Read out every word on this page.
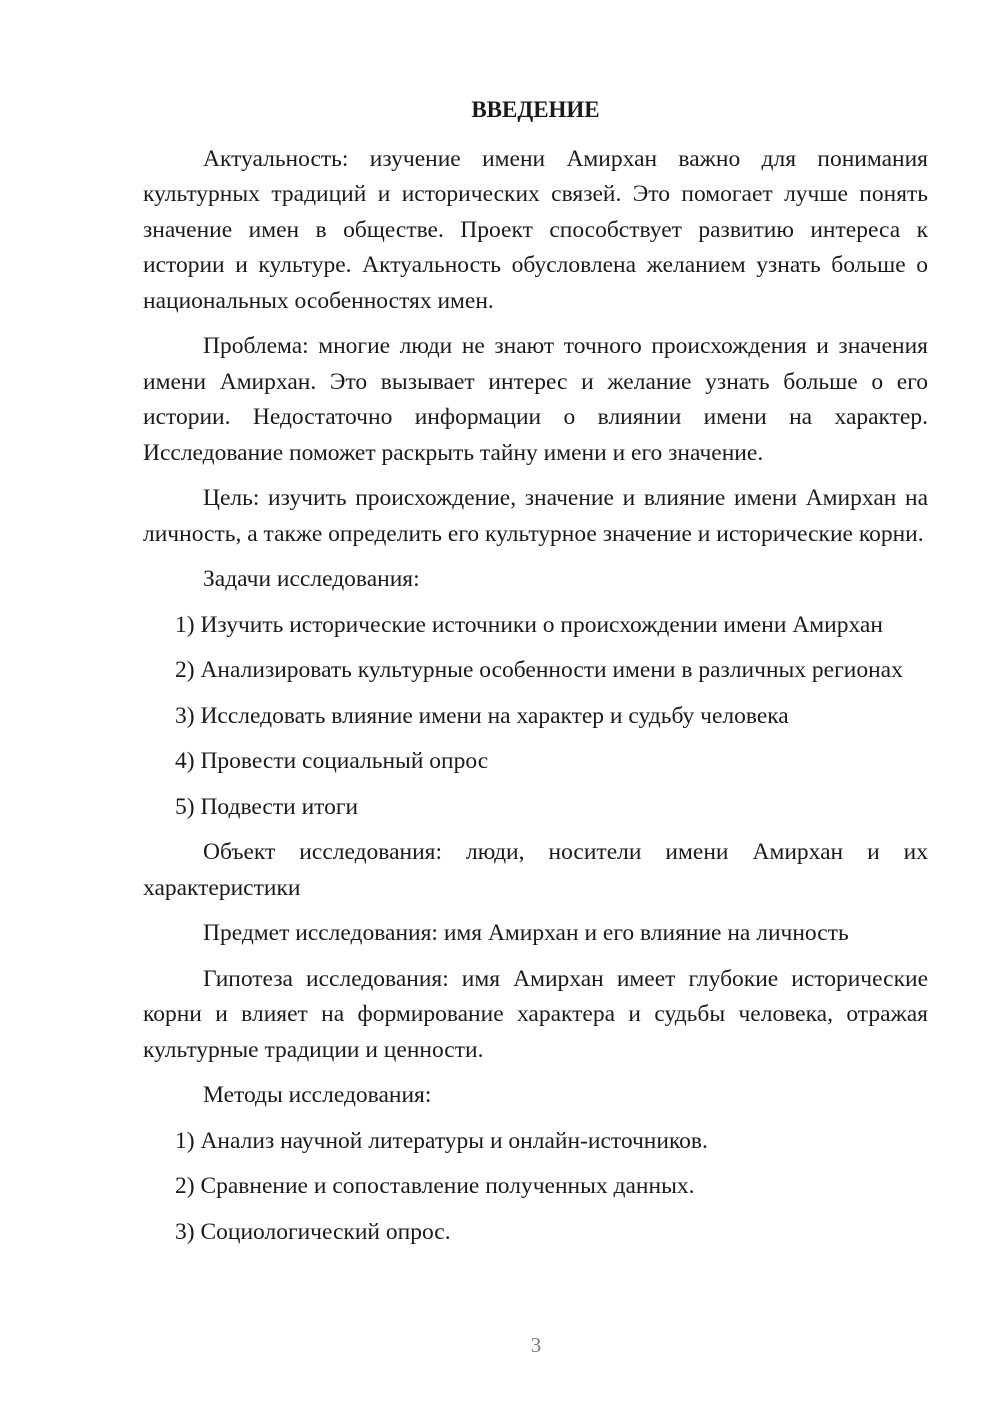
ВВЕДЕНИЕ

Актуальность: изучение имени Амирхан важно для понимания культурных традиций и исторических связей. Это помогает лучше понять значение имен в обществе. Проект способствует развитию интереса к истории и культуре. Актуальность обусловлена желанием узнать больше о национальных особенностях имен.

Проблема: многие люди не знают точного происхождения и значения имени Амирхан. Это вызывает интерес и желание узнать больше о его истории. Недостаточно информации о влиянии имени на характер. Исследование поможет раскрыть тайну имени и его значение.

Цель: изучить происхождение, значение и влияние имени Амирхан на личность, а также определить его культурное значение и исторические корни.

Задачи исследования:

1) Изучить исторические источники о происхождении имени Амирхан

2) Анализировать культурные особенности имени в различных регионах

3) Исследовать влияние имени на характер и судьбу человека

4) Провести социальный опрос

5) Подвести итоги

Объект исследования: люди, носители имени Амирхан и их характеристики

Предмет исследования: имя Амирхан и его влияние на личность

Гипотеза исследования: имя Амирхан имеет глубокие исторические корни и влияет на формирование характера и судьбы человека, отражая культурные традиции и ценности.

Методы исследования:

1) Анализ научной литературы и онлайн-источников.

2) Сравнение и сопоставление полученных данных.

3) Социологический опрос.

3
